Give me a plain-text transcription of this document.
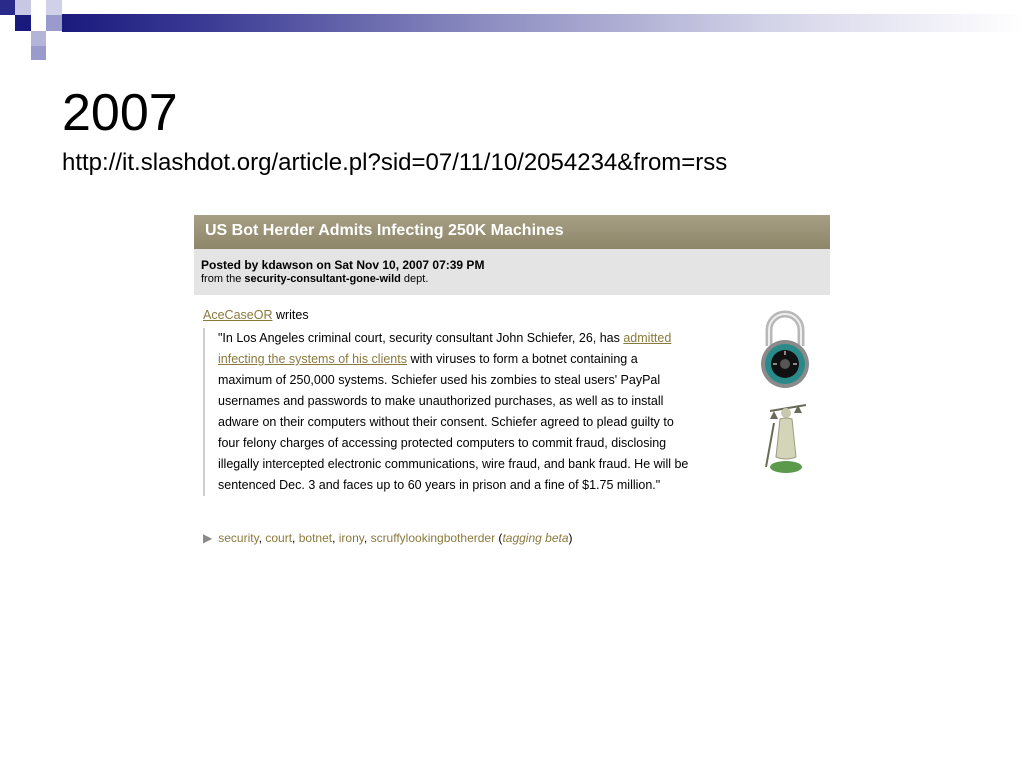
2007
http://it.slashdot.org/article.pl?sid=07/11/10/2054234&from=rss
US Bot Herder Admits Infecting 250K Machines
Posted by kdawson on Sat Nov 10, 2007 07:39 PM
from the security-consultant-gone-wild dept.
AceCaseOR writes
"In Los Angeles criminal court, security consultant John Schiefer, 26, has admitted
infecting the systems of his clients with viruses to form a botnet containing a
maximum of 250,000 systems. Schiefer used his zombies to steal users' PayPal
usernames and passwords to make unauthorized purchases, as well as to install
adware on their computers without their consent. Schiefer agreed to plead guilty to
four felony charges of accessing protected computers to commit fraud, disclosing
illegally intercepted electronic communications, wire fraud, and bank fraud. He will be
sentenced Dec. 3 and faces up to 60 years in prison and a fine of $1.75 million."
▶ security, court, botnet, irony, scruffylookingbotherder (tagging beta)
